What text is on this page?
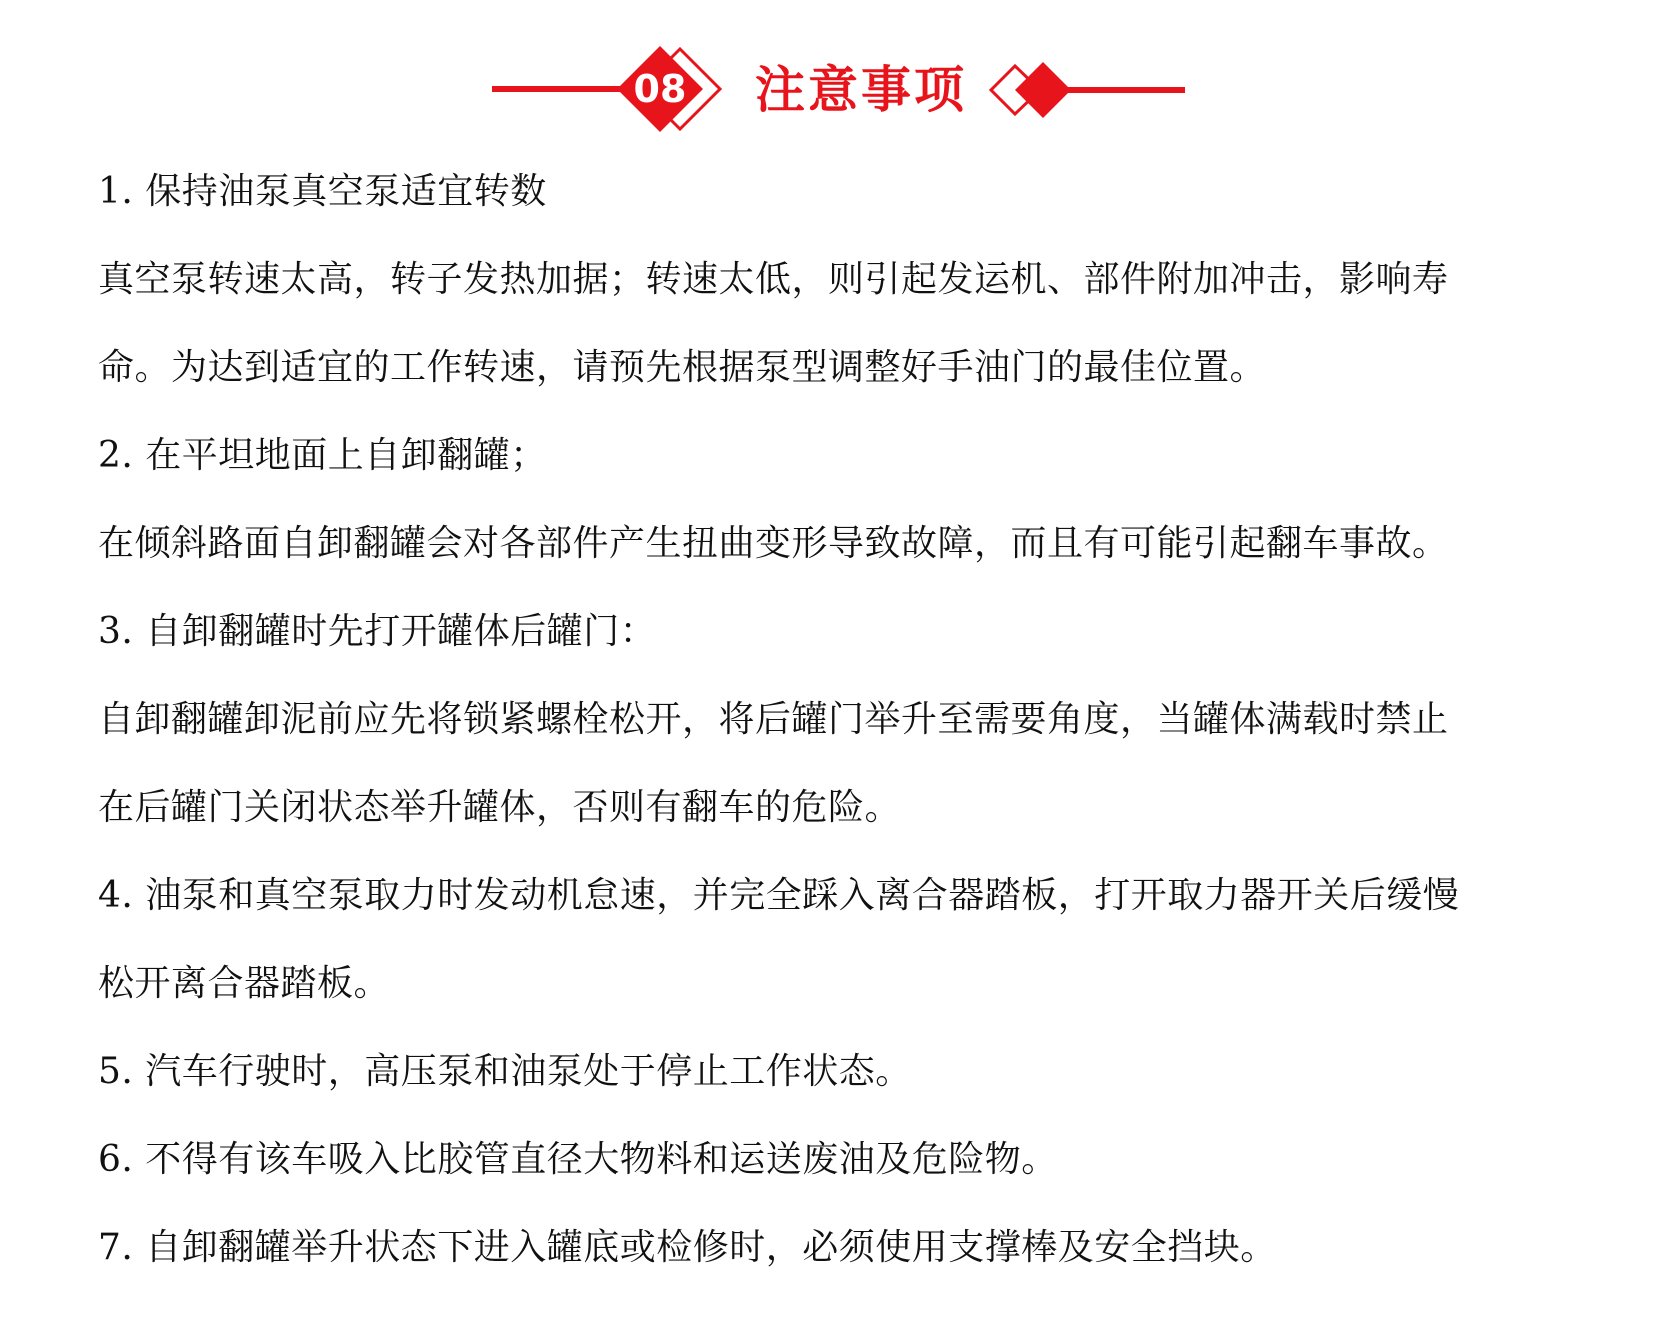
08	注意事项
1. 保持油泵真空泵适宜转数
真空泵转速太高，转子发热加据；转速太低，则引起发运机、部件附加冲击，影响寿
命。为达到适宜的工作转速，请预先根据泵型调整好手油门的最佳位置。
2. 在平坦地面上自卸翻罐；
在倾斜路面自卸翻罐会对各部件产生扭曲变形导致故障，而且有可能引起翻车事故。
3. 自卸翻罐时先打开罐体后罐门：
自卸翻罐卸泥前应先将锁紧螺栓松开，将后罐门举升至需要角度，当罐体满载时禁止
在后罐门关闭状态举升罐体，否则有翻车的危险。
4. 油泵和真空泵取力时发动机怠速，并完全踩入离合器踏板，打开取力器开关后缓慢
松开离合器踏板。
5. 汽车行驶时，高压泵和油泵处于停止工作状态。
6. 不得有该车吸入比胶管直径大物料和运送废油及危险物。
7. 自卸翻罐举升状态下进入罐底或检修时，必须使用支撑棒及安全挡块。
